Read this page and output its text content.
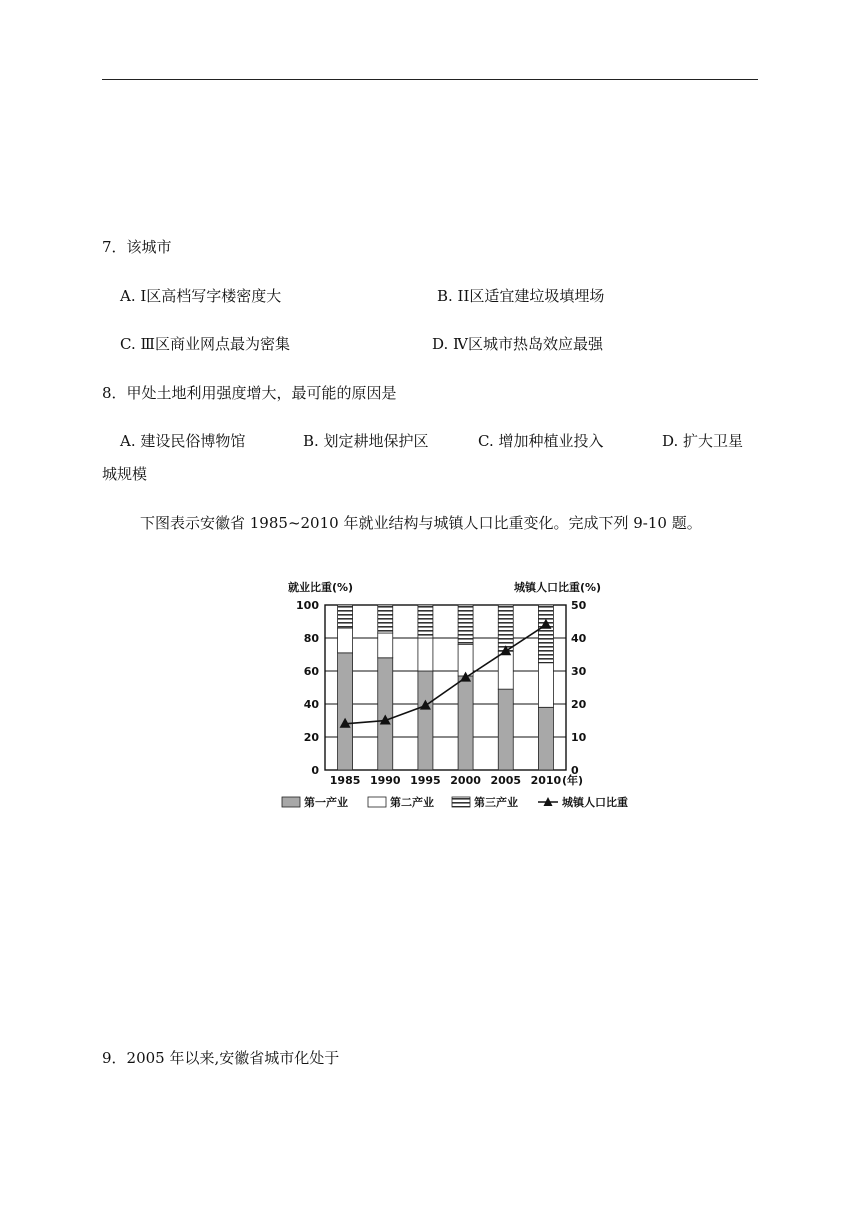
7．该城市
A. Ⅰ区高档写字楼密度大	B. II区适宜建垃圾填埋场
C. Ⅲ区商业网点最为密集	D. Ⅳ区城市热岛效应最强
8．甲处土地利用强度增大，最可能的原因是
A. 建设民俗博物馆	B. 划定耕地保护区	C. 增加种植业投入	D. 扩大卫星
城规模
下图表示安徽省 1985~2010 年就业结构与城镇人口比重变化。完成下列 9-10 题。
就业比重(%)	城镇人口比重(%)
0
20
40
60
80
100
0
10
20
30
40
50
1985 1990 1995 2000 2005 2010 (年)
第一产业	第二产业	第三产业	城镇人口比重
9．2005 年以来,安徽省城市化处于
